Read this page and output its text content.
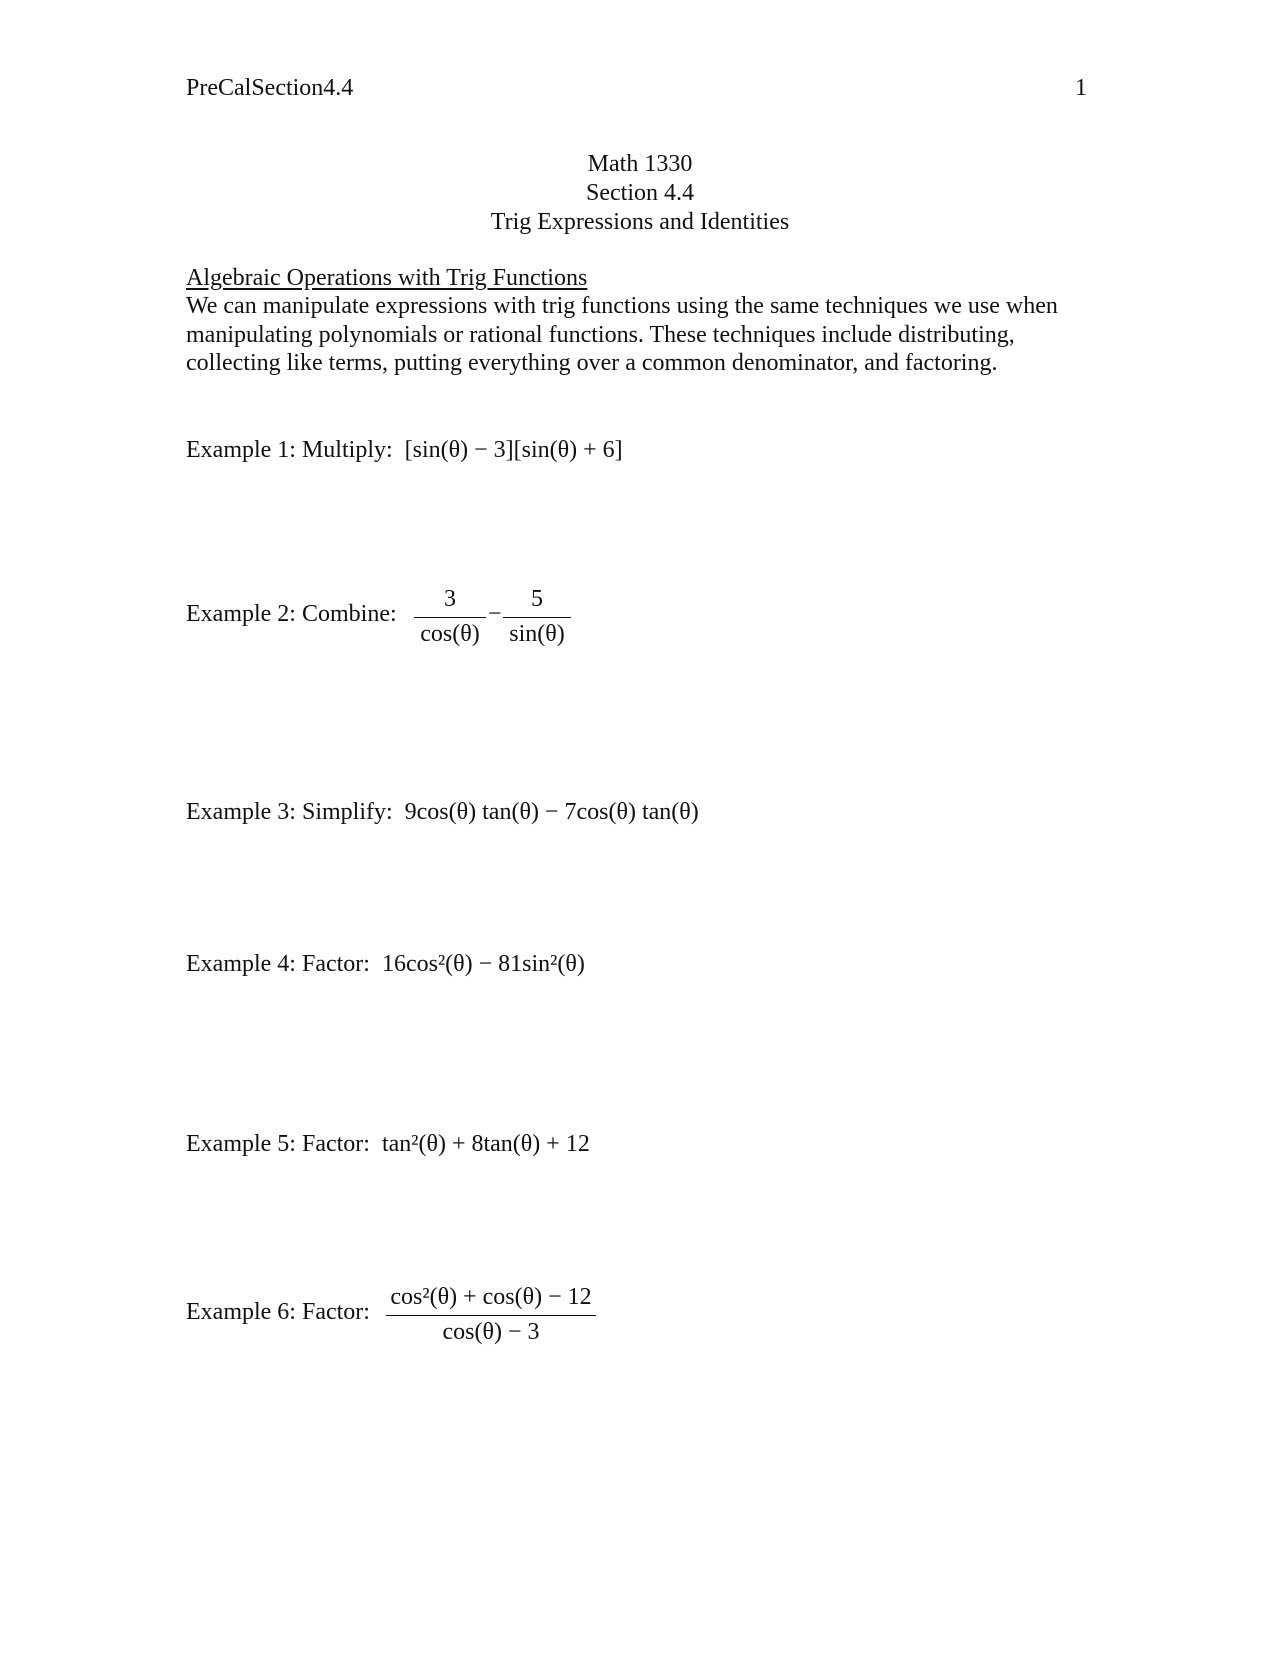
PreCalSection4.4	1
Math 1330
Section 4.4
Trig Expressions and Identities
Algebraic Operations with Trig Functions
We can manipulate expressions with trig functions using the same techniques we use when manipulating polynomials or rational functions. These techniques include distributing, collecting like terms, putting everything over a common denominator, and factoring.
Example 1: Multiply: [sin(θ) − 3][sin(θ) + 6]
Example 2: Combine:
3
cos(θ)
−
5
sin(θ)
Example 3: Simplify: 9cos(θ) tan(θ) − 7cos(θ) tan(θ)
Example 4: Factor: 16cos²(θ) − 81sin²(θ)
Example 5: Factor: tan²(θ) + 8tan(θ) + 12
Example 6: Factor:
cos²(θ) + cos(θ) − 12
cos(θ) − 3
